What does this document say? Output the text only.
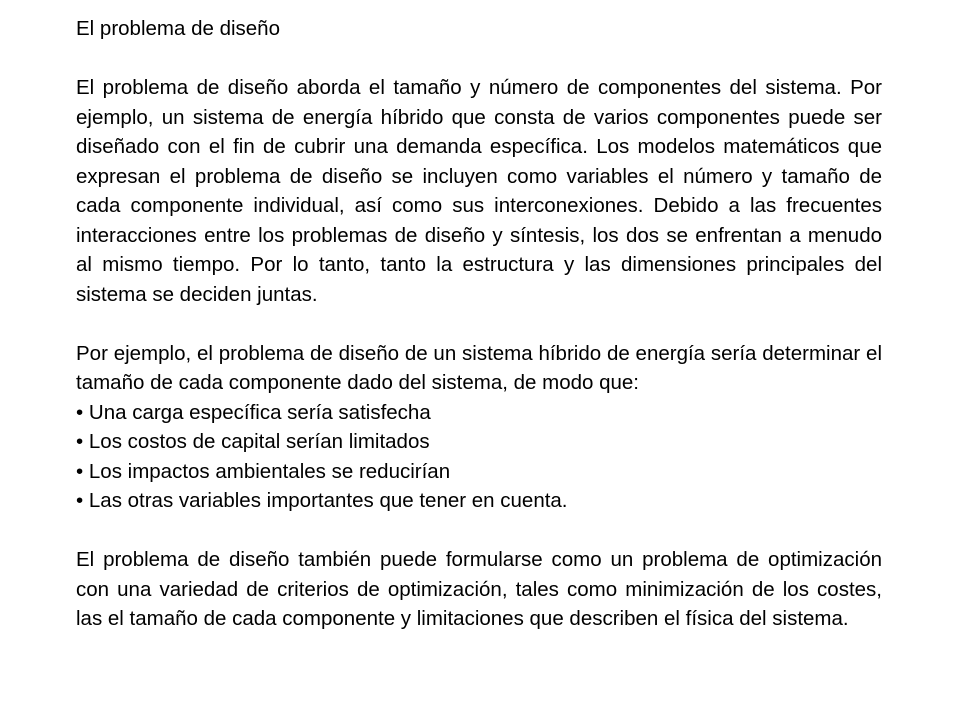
El problema de diseño

El problema de diseño aborda el tamaño y número de componentes del sistema. Por ejemplo, un sistema de energía híbrido que consta de varios componentes puede ser diseñado con el fin de cubrir una demanda específica. Los modelos matemáticos que expresan el problema de diseño se incluyen como variables el número y tamaño de cada componente individual, así como sus interconexiones. Debido a las frecuentes interacciones entre los problemas de diseño y síntesis, los dos se enfrentan a menudo al mismo tiempo. Por lo tanto, tanto la estructura y las dimensiones principales del sistema se deciden juntas.

Por ejemplo, el problema de diseño de un sistema híbrido de energía sería determinar el tamaño de cada componente dado del sistema, de modo que:

• Una carga específica sería satisfecha
• Los costos de capital serían limitados
• Los impactos ambientales se reducirían
• Las otras variables importantes que tener en cuenta.

El problema de diseño también puede formularse como un problema de optimización con una variedad de criterios de optimización, tales como minimización de los costes, las el tamaño de cada componente y limitaciones que describen el física del sistema.
